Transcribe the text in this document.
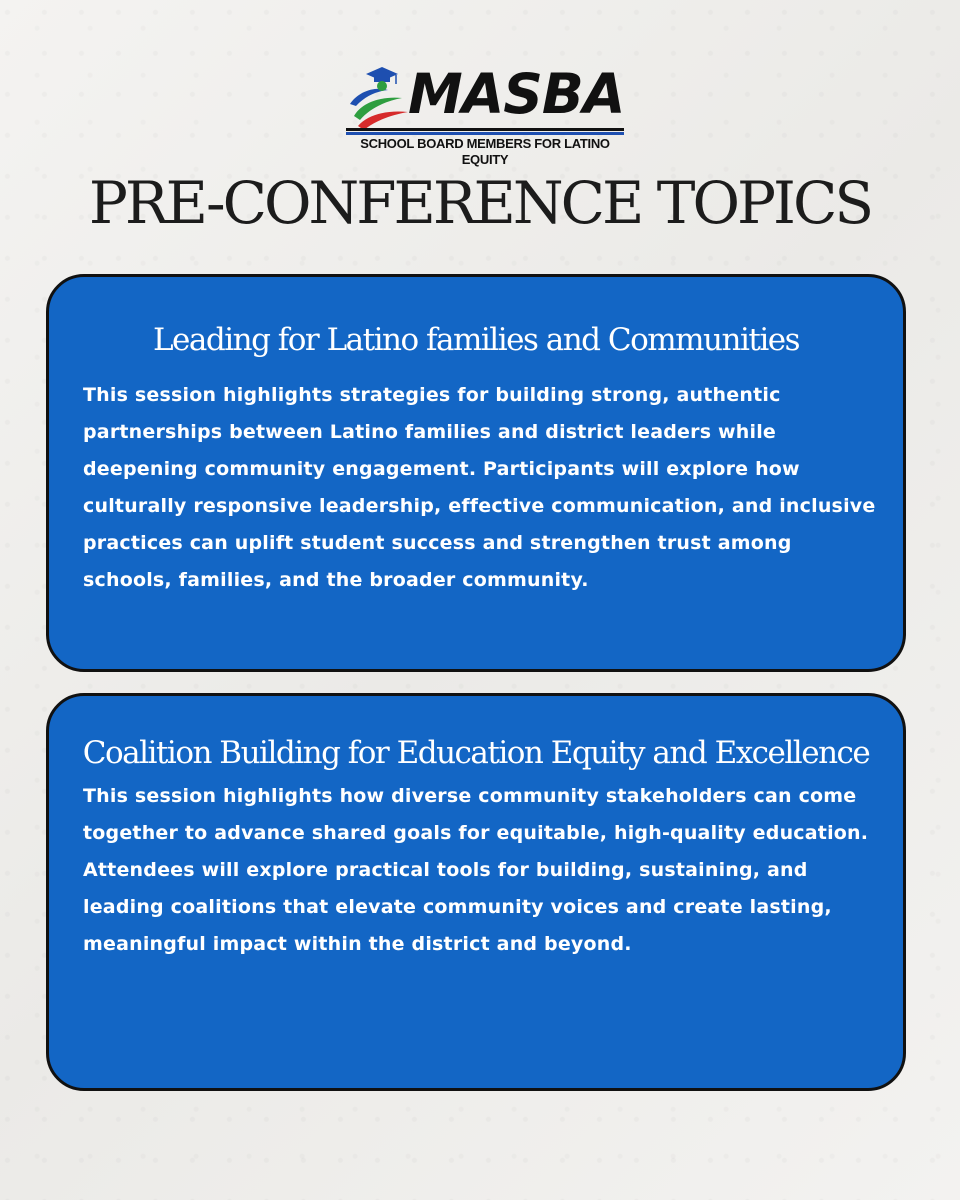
MASBA
SCHOOL BOARD MEMBERS FOR LATINO EQUITY
PRE-CONFERENCE TOPICS
Leading for Latino families and Communities

This session highlights strategies for building strong, authentic partnerships between Latino families and district leaders while deepening community engagement. Participants will explore how culturally responsive leadership, effective communication, and inclusive practices can uplift student success and strengthen trust among schools, families, and the broader community.

Coalition Building for Education Equity and Excellence

This session highlights how diverse community stakeholders can come together to advance shared goals for equitable, high-quality education. Attendees will explore practical tools for building, sustaining, and leading coalitions that elevate community voices and create lasting, meaningful impact within the district and beyond.
